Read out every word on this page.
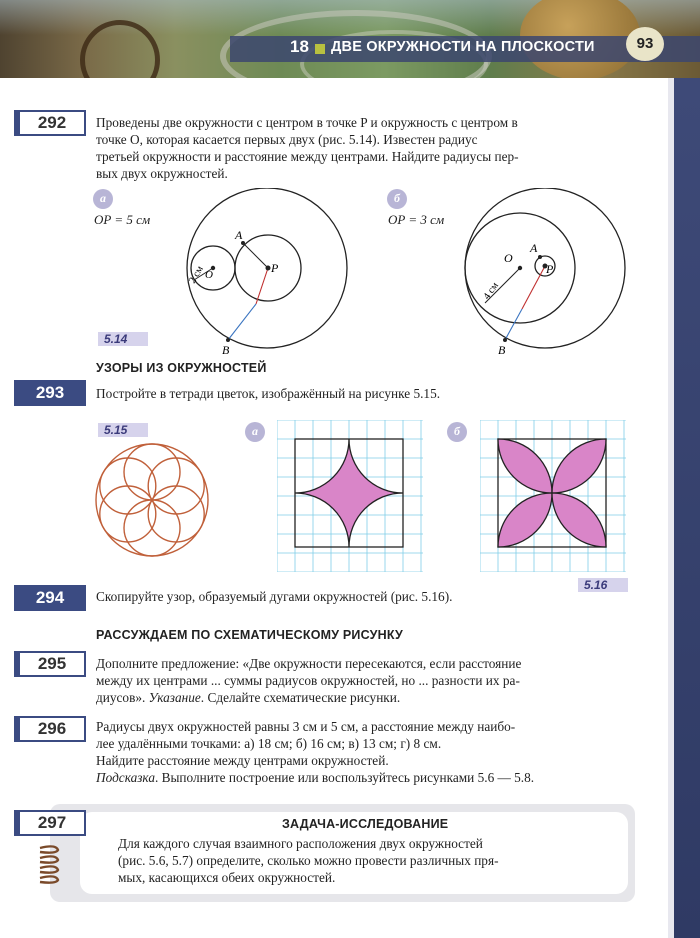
18 ДВЕ ОКРУЖНОСТИ НА ПЛОСКОСТИ	93
292	Проведены две окружности с центром в точке P и окружность с центром в
точке O, которая касается первых двух (рис. 5.14). Известен радиус
третьей окружности и расстояние между центрами. Найдите радиусы пер-
вых двух окружностей.
а
OP = 5 см
б
OP = 3 см
5.14
A
P
O
B
2 см
O
A
P
B
4 см
УЗОРЫ ИЗ ОКРУЖНОСТЕЙ
293	Постройте в тетради цветок, изображённый на рисунке 5.15.
5.15	а	б
5.16
294	Скопируйте узор, образуемый дугами окружностей (рис. 5.16).
РАССУЖДАЕМ ПО СХЕМАТИЧЕСКОМУ РИСУНКУ
295	Дополните предложение: «Две окружности пересекаются, если расстояние
между их центрами ... суммы радиусов окружностей, но ... разности их ра-
диусов». Указание. Сделайте схематические рисунки.
296	Радиусы двух окружностей равны 3 см и 5 см, а расстояние между наибо-
лее удалёнными точками: а) 18 см; б) 16 см; в) 13 см; г) 8 см.
Найдите расстояние между центрами окружностей.
Подсказка. Выполните построение или воспользуйтесь рисунками 5.6 — 5.8.
297	ЗАДАЧА-ИССЛЕДОВАНИЕ
Для каждого случая взаимного расположения двух окружностей
(рис. 5.6, 5.7) определите, сколько можно провести различных пря-
мых, касающихся обеих окружностей.
